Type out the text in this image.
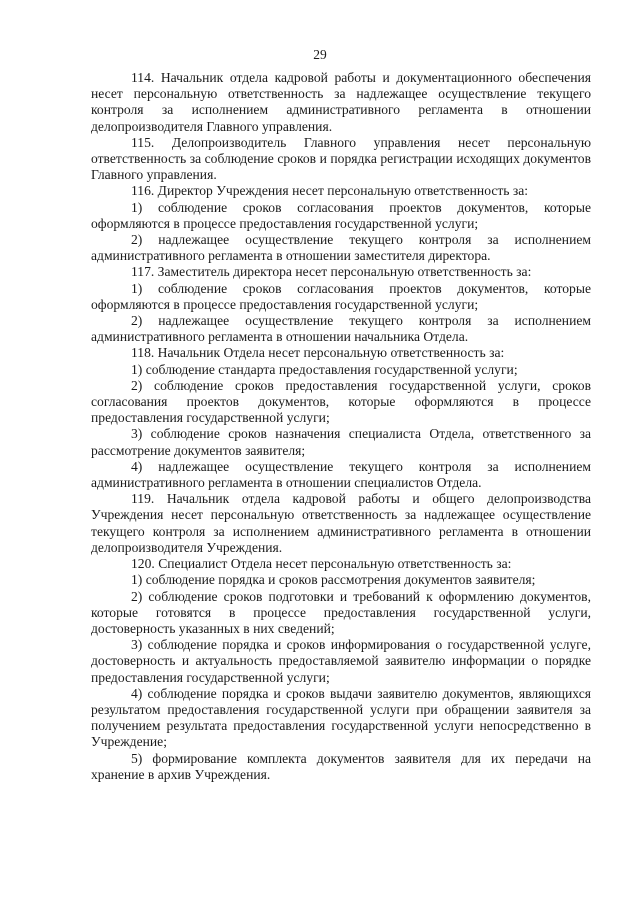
29

114. Начальник отдела кадровой работы и документационного обеспечения несет персональную ответственность за надлежащее осуществление текущего контроля за исполнением административного регламента в отношении делопроизводителя Главного управления.

115. Делопроизводитель Главного управления несет персональную ответственность за соблюдение сроков и порядка регистрации исходящих документов Главного управления.

116. Директор Учреждения несет персональную ответственность за:

1) соблюдение сроков согласования проектов документов, которые оформляются в процессе предоставления государственной услуги;

2) надлежащее осуществление текущего контроля за исполнением административного регламента в отношении заместителя директора.

117. Заместитель директора несет персональную ответственность за:

1) соблюдение сроков согласования проектов документов, которые оформляются в процессе предоставления государственной услуги;

2) надлежащее осуществление текущего контроля за исполнением административного регламента в отношении начальника Отдела.

118. Начальник Отдела несет персональную ответственность за:

1) соблюдение стандарта предоставления государственной услуги;

2) соблюдение сроков предоставления государственной услуги, сроков согласования проектов документов, которые оформляются в процессе предоставления государственной услуги;

3) соблюдение сроков назначения специалиста Отдела, ответственного за рассмотрение документов заявителя;

4) надлежащее осуществление текущего контроля за исполнением административного регламента в отношении специалистов Отдела.

119. Начальник отдела кадровой работы и общего делопроизводства Учреждения несет персональную ответственность за надлежащее осуществление текущего контроля за исполнением административного регламента в отношении делопроизводителя Учреждения.

120. Специалист Отдела несет персональную ответственность за:

1) соблюдение порядка и сроков рассмотрения документов заявителя;

2) соблюдение сроков подготовки и требований к оформлению документов, которые готовятся в процессе предоставления государственной услуги, достоверность указанных в них сведений;

3) соблюдение порядка и сроков информирования о государственной услуге, достоверность и актуальность предоставляемой заявителю информации о порядке предоставления государственной услуги;

4) соблюдение порядка и сроков выдачи заявителю документов, являющихся результатом предоставления государственной услуги при обращении заявителя за получением результата предоставления государственной услуги непосредственно в Учреждение;

5) формирование комплекта документов заявителя для их передачи на хранение в архив Учреждения.
